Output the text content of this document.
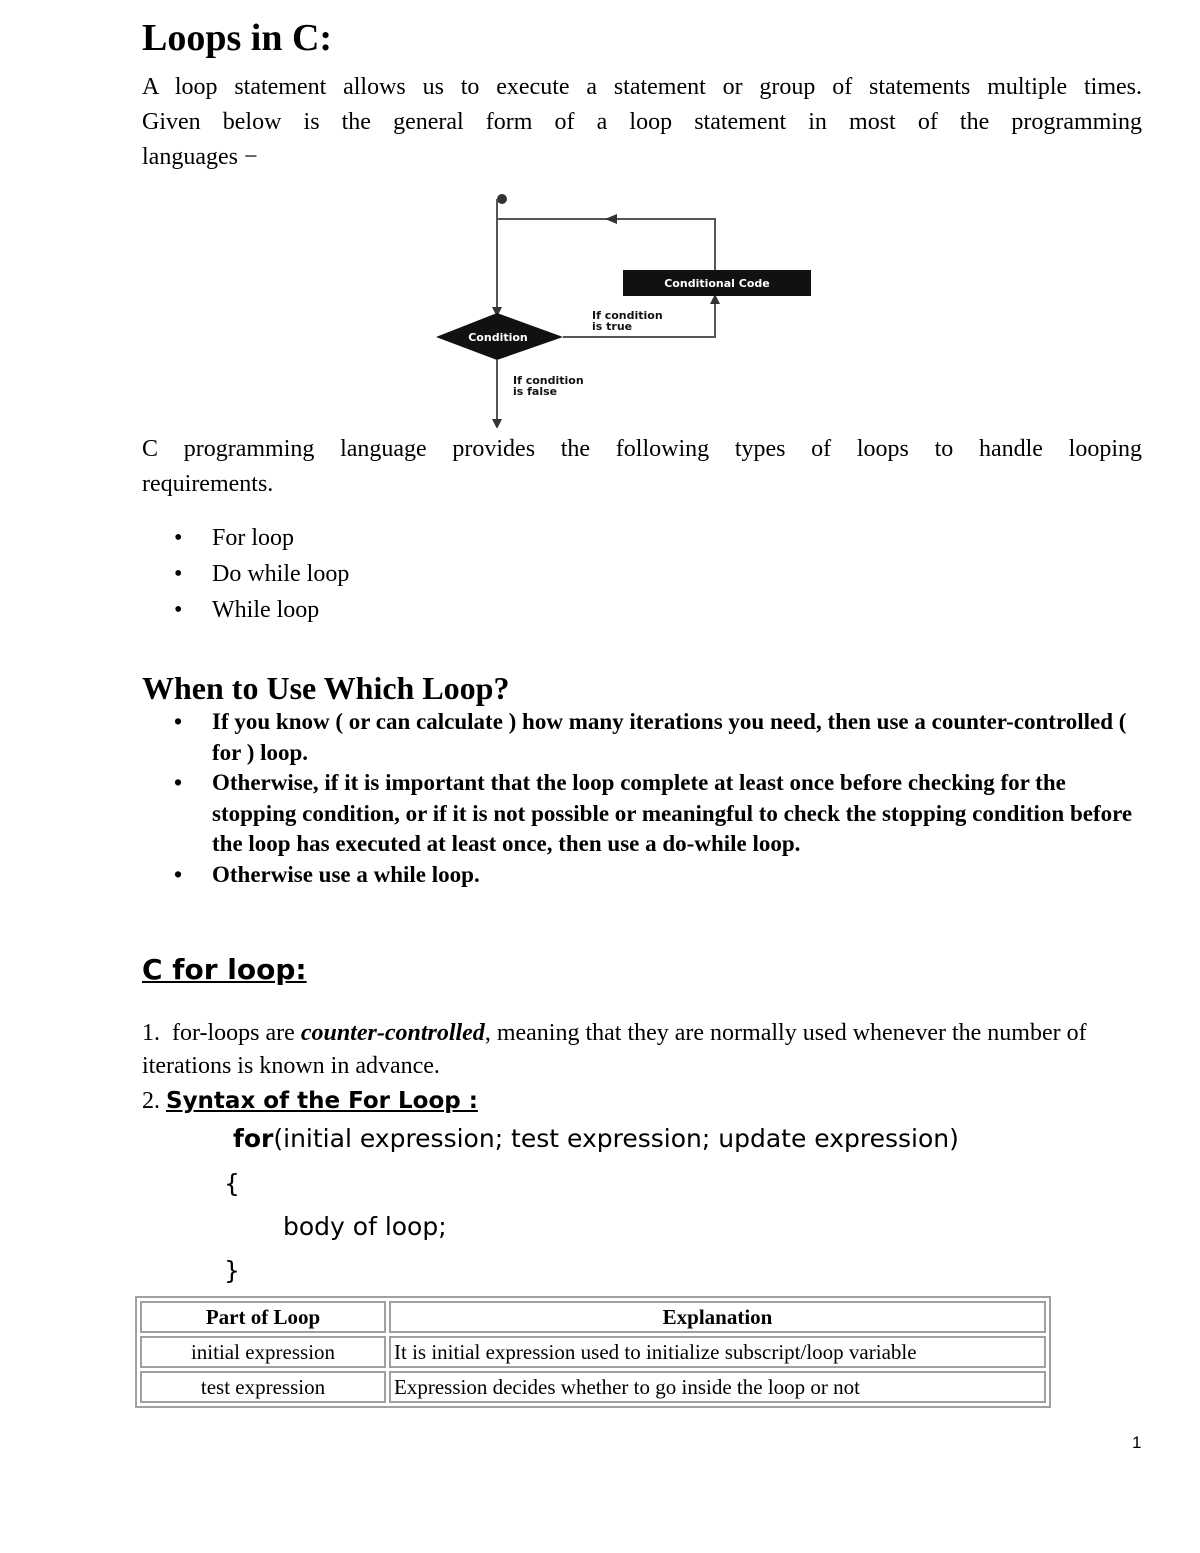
Loops in C:
A loop statement allows us to execute a statement or group of statements multiple times.
Given below is the general form of a loop statement in most of the programming
languages −
Condition
If condition
is true
Conditional Code
If condition
is false
C programming language provides the following types of loops to handle looping
requirements.
• For loop
• Do while loop
• While loop
When to Use Which Loop?
• If you know ( or can calculate ) how many iterations you need, then use a counter-controlled ( for ) loop.
• Otherwise, if it is important that the loop complete at least once before checking for the stopping condition, or if it is not possible or meaningful to check the stopping condition before the loop has executed at least once, then use a do-while loop.
• Otherwise use a while loop.
C for loop:
1. for-loops are counter-controlled, meaning that they are normally used whenever the number of iterations is known in advance.
2. Syntax of the For Loop :
for(initial expression; test expression; update expression)
{
body of loop;
}
Part of Loop	Explanation
initial expression	It is initial expression used to initialize subscript/loop variable
test expression	Expression decides whether to go inside the loop or not
1
